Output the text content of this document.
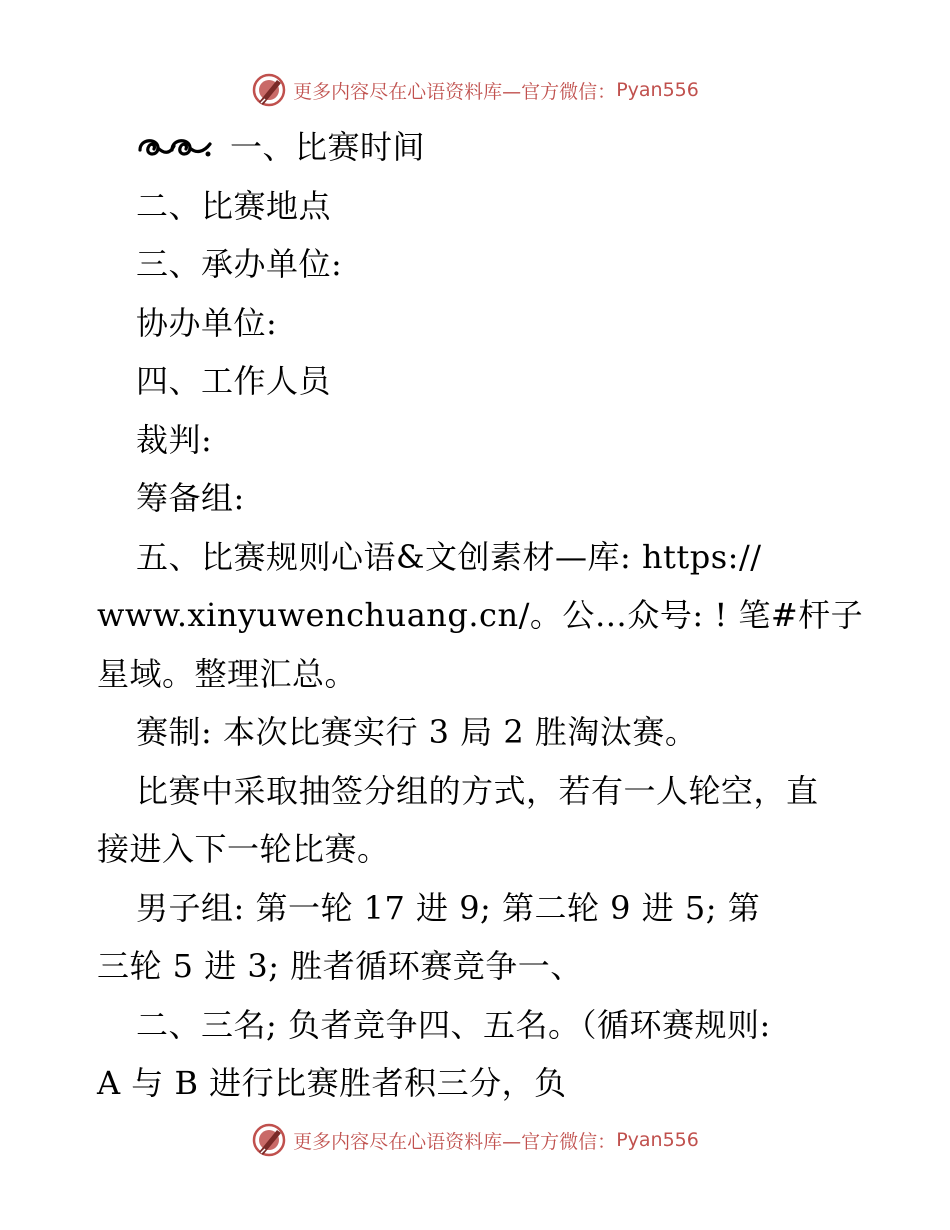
更多内容尽在心语资料库 —官方微信： Pyan556
一、比赛时间
二、比赛地点
三、承办单位:
协办单位:
四、工作人员
裁判:
筹备组:
五、比赛规则心语&文创素材—库: https://
www.xinyuwenchuang.cn/。公…众号: ! 笔#杆子
星域。整理汇总。
赛制: 本次比赛实行 3 局 2 胜淘汰赛。
比赛中采取抽签分组的方式，若有一人轮空，直
接进入下一轮比赛。
男子组: 第一轮 17 进 9; 第二轮 9 进 5; 第
三轮 5 进 3; 胜者循环赛竞争一、
二、三名; 负者竞争四、五名。（循环赛规则:
A 与 B 进行比赛胜者积三分，负
更多内容尽在心语资料库 —官方微信： Pyan556
